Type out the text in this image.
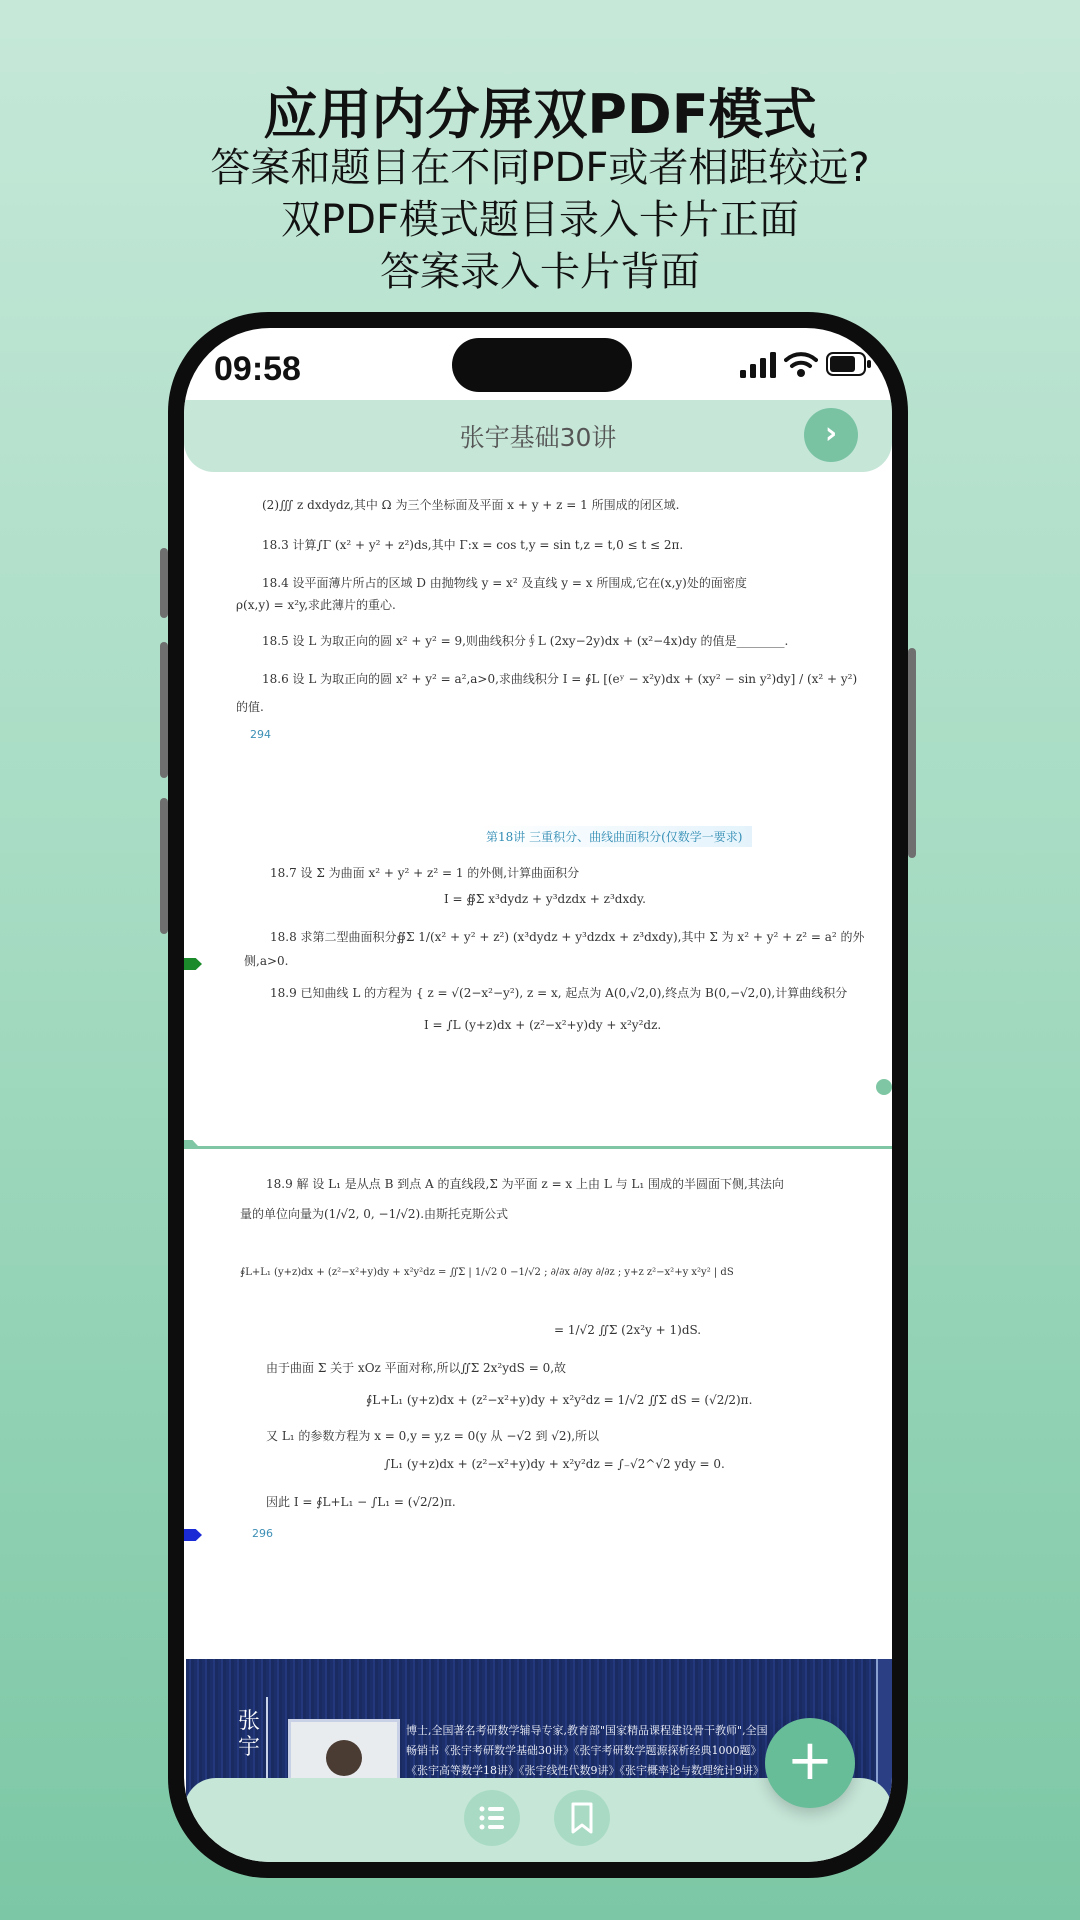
应用内分屏双PDF模式
答案和题目在不同PDF或者相距较远?
双PDF模式题目录入卡片正面
答案录入卡片背面
09:58
张宇基础30讲	›
(2)∭ z dxdydz,其中 Ω 为三个坐标面及平面 x + y + z = 1 所围成的闭区域.
18.3 计算∫Γ (x² + y² + z²)ds,其中 Γ:x = cos t,y = sin t,z = t,0 ≤ t ≤ 2π.
18.4 设平面薄片所占的区域 D 由抛物线 y = x² 及直线 y = x 所围成,它在(x,y)处的面密度
ρ(x,y) = x²y,求此薄片的重心.
18.5 设 L 为取正向的圆 x² + y² = 9,则曲线积分∮L (2xy−2y)dx + (x²−4x)dy 的值是________.
18.6 设 L 为取正向的圆 x² + y² = a²,a>0,求曲线积分 I = ∮L [(eʸ − x²y)dx + (xy² − sin y²)dy] / (x² + y²)
的值.
294
第18讲 三重积分、曲线曲面积分(仅数学一要求)
18.7 设 Σ 为曲面 x² + y² + z² = 1 的外侧,计算曲面积分
I = ∯Σ x³dydz + y³dzdx + z³dxdy.
18.8 求第二型曲面积分∯Σ 1/(x² + y² + z²) (x³dydz + y³dzdx + z³dxdy),其中 Σ 为 x² + y² + z² = a² 的外
侧,a>0.
18.9 已知曲线 L 的方程为 { z = √(2−x²−y²), z = x, 起点为 A(0,√2,0),终点为 B(0,−√2,0),计算曲线积分
I = ∫L (y+z)dx + (z²−x²+y)dy + x²y²dz.
18.9 解 设 L₁ 是从点 B 到点 A 的直线段,Σ 为平面 z = x 上由 L 与 L₁ 围成的半圆面下侧,其法向
量的单位向量为(1/√2, 0, −1/√2).由斯托克斯公式
∮L+L₁ (y+z)dx + (z²−x²+y)dy + x²y²dz = ∬Σ | 1/√2 0 −1/√2 ; ∂/∂x ∂/∂y ∂/∂z ; y+z z²−x²+y x²y² | dS
= 1/√2 ∬Σ (2x²y + 1)dS.
由于曲面 Σ 关于 xOz 平面对称,所以∬Σ 2x²ydS = 0,故
∮L+L₁ (y+z)dx + (z²−x²+y)dy + x²y²dz = 1/√2 ∬Σ dS = (√2/2)π.
又 L₁ 的参数方程为 x = 0,y = y,z = 0(y 从 −√2 到 √2),所以
∫L₁ (y+z)dx + (z²−x²+y)dy + x²y²dz = ∫₋√2^√2 ydy = 0.
因此 I = ∮L+L₁ − ∫L₁ = (√2/2)π.
296
张宇
博士,全国著名考研数学辅导专家,教育部"国家精品课程建设骨干教师",全国畅销书《张宇考研数学基础30讲》《张宇考研数学题源探析经典1000题》《张宇高等数学18讲》《张宇线性代数9讲》《张宇概率论与数理统计9讲》 +
